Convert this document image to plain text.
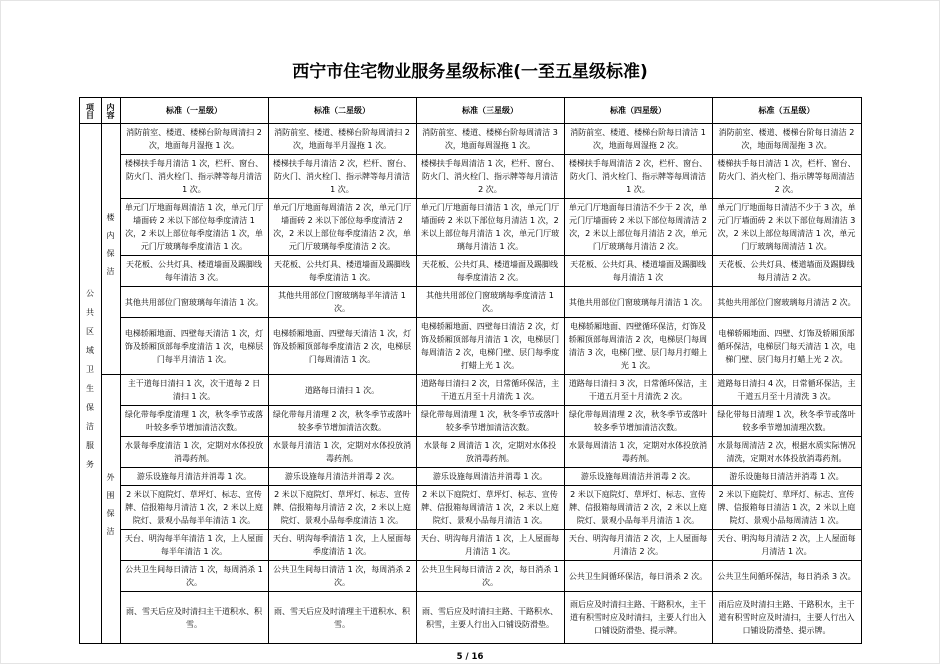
西宁市住宅物业服务星级标准(一至五星级标准)
项目	内容	标准（一星级）	标准（二星级）	标准（三星级）	标准（四星级）	标准（五星级）
公共区域卫生保洁服务	楼内保洁	消防前室、楼道、楼梯台阶每周清扫 2 次，地面每月湿拖 1 次。	消防前室、楼道、楼梯台阶每周清扫 2 次，地面每半月湿拖 1 次。	消防前室、楼道、楼梯台阶每周清洁 3 次，地面每周湿拖 1 次。	消防前室、楼道、楼梯台阶每日清洁 1 次，地面每周湿拖 2 次。	消防前室、楼道、楼梯台阶每日清洁 2 次，地面每周湿拖 3 次。
		楼梯扶手每月清洁 1 次，栏杆、窗台、防火门、消火栓门、指示牌等每月清洁 1 次。	楼梯扶手每月清洁 2 次，栏杆、窗台、防火门、消火栓门、指示牌等每月清洁 1 次。	楼梯扶手每周清洁 1 次，栏杆、窗台、防火门、消火栓门、指示牌等每月清洁 2 次。	楼梯扶手每周清洁 2 次，栏杆、窗台、防火门、消火栓门、指示牌等每周清洁 1 次。	楼梯扶手每日清洁 1 次，栏杆、窗台、防火门、消火栓门、指示牌等每周清洁 2 次。
		单元门厅地面每周清洁 1 次，单元门厅墙面砖 2 米以下部位每季度清洁 1 次，2 米以上部位每季度清洁 1 次，单元门厅玻璃每季度清洁 1 次。	单元门厅地面每周清洁 2 次，单元门厅墙面砖 2 米以下部位每季度清洁 2 次，2 米以上部位每季度清洁 2 次，单元门厅玻璃每季度清洁 2 次。	单元门厅地面每日清洁 1 次，单元门厅墙面砖 2 米以下部位每月清洁 1 次，2 米以上部位每月清洁 1 次，单元门厅玻璃每月清洁 1 次。	单元门厅地面每日清洁不少于 2 次，单元门厅墙面砖 2 米以下部位每周清洁 2 次，2 米以上部位每月清洁 2 次，单元门厅玻璃每月清洁 2 次。	单元门厅地面每日清洁不少于 3 次，单元门厅墙面砖 2 米以下部位每周清洁 3 次，2 米以上部位每周清洁 1 次，单元门厅玻璃每周清洁 1 次。
		天花板、公共灯具、楼道墙面及踢脚线每年清洁 3 次。	天花板、公共灯具、楼道墙面及踢脚线每季度清洁 1 次。	天花板、公共灯具、楼道墙面及踢脚线每季度清洁 2 次。	天花板、公共灯具、楼道墙面及踢脚线每月清洁 1 次	天花板、公共灯具、楼道墙面及踢脚线每月清洁 2 次。
		其他共用部位门窗玻璃每年清洁 1 次。	其他共用部位门窗玻璃每半年清洁 1 次。	其他共用部位门窗玻璃每季度清洁 1 次。	其他共用部位门窗玻璃每月清洁 1 次。	其他共用部位门窗玻璃每月清洁 2 次。
		电梯轿厢地面、四壁每天清洁 1 次，灯饰及轿厢顶部每季度清洁 1 次，电梯层门每半月清洁 1 次。	电梯轿厢地面、四壁每天清洁 1 次，灯饰及轿厢顶部每季度清洁 2 次，电梯层门每周清洁 1 次。	电梯轿厢地面、四壁每日清洁 2 次，灯饰及轿厢顶部每月清洁 1 次，电梯层门每周清洁 2 次，电梯门壁、层门每季度打蜡上光 1 次。	电梯轿厢地面、四壁循环保洁，灯饰及轿厢顶部每周清洁 2 次，电梯层门每周清洁 3 次，电梯门壁、层门每月打蜡上光 1 次。	电梯轿厢地面、四壁、灯饰及轿厢顶部循环保洁，电梯层门每天清洁 1 次，电梯门壁、层门每月打蜡上光 2 次。
	外围保洁	主干道每日清扫 1 次，次干道每 2 日清扫 1 次。	道路每日清扫 1 次。	道路每日清扫 2 次，日常循环保洁，主干道五月至十月清洗 1 次。	道路每日清扫 3 次，日常循环保洁，主干道五月至十月清洗 2 次。	道路每日清扫 4 次，日常循环保洁，主干道五月至十月清洗 3 次。
		绿化带每季度清理 1 次，秋冬季节或落叶较多季节增加清洁次数。	绿化带每月清理 2 次，秋冬季节或落叶较多季节增加清洁次数。	绿化带每周清理 1 次，秋冬季节或落叶较多季节增加清洁次数。	绿化带每周清理 2 次，秋冬季节或落叶较多季节增加清洁次数。	绿化带每日清理 1 次，秋冬季节或落叶较多季节增加清理次数。
		水景每季度清洁 1 次，定期对水体投放消毒药剂。	水景每月清洁 1 次，定期对水体投放消毒药剂。	水景每 2 周清洁 1 次，定期对水体投放消毒药剂。	水景每周清洁 1 次，定期对水体投放消毒药剂。	水景每周清洁 2 次，根据水质实际情况清洗，定期对水体投放消毒药剂。
		游乐设施每月清洁并消毒 1 次。	游乐设施每月清洁并消毒 2 次。	游乐设施每周清洁并消毒 1 次。	游乐设施每周清洁并消毒 2 次。	游乐设施每日清洁并消毒 1 次。
		2 米以下庭院灯、草坪灯、标志、宣传牌、信报箱每月清洁 1 次，2 米以上庭院灯、景观小品每半年清洁 1 次。	2 米以下庭院灯、草坪灯、标志、宣传牌、信报箱每月清洁 2 次，2 米以上庭院灯、景观小品每季度清洁 1 次。	2 米以下庭院灯、草坪灯、标志、宣传牌、信报箱每周清洁 1 次，2 米以上庭院灯、景观小品每月清洁 1 次。	2 米以下庭院灯、草坪灯、标志、宣传牌、信报箱每周清洁 2 次，2 米以上庭院灯、景观小品每半月清洁 1 次。	2 米以下庭院灯、草坪灯、标志、宣传牌、信报箱每日清洁 1 次，2 米以上庭院灯、景观小品每周清洁 1 次。
		天台、明沟每半年清洁 1 次，上人屋面每半年清洁 1 次。	天台、明沟每季清洁 1 次，上人屋面每季度清洁 1 次。	天台、明沟每月清洁 1 次，上人屋面每月清洁 1 次。	天台、明沟每月清洁 2 次，上人屋面每月清洁 2 次。	天台、明沟每月清洁 2 次，上人屋面每月清洁 1 次。
		公共卫生间每日清洁 1 次，每周消杀 1 次。	公共卫生间每日清洁 1 次，每周消杀 2 次。	公共卫生间每日清洁 2 次，每日消杀 1 次。	公共卫生间循环保洁，每日消杀 2 次。	公共卫生间循环保洁，每日消杀 3 次。
		雨、雪天后应及时清扫主干道积水、积雪。	雨、雪天后应及时清理主干道积水、积雪。	雨、雪后应及时清扫主路、干路积水、积雪，主要人行出入口铺设防滑垫。	雨后应及时清扫主路、干路积水，主干道有积雪时应及时清扫，主要人行出入口铺设防滑垫、提示牌。	雨后应及时清扫主路、干路积水，主干道有积雪时应及时清扫，主要人行出入口铺设防滑垫、提示牌。
5 / 16
